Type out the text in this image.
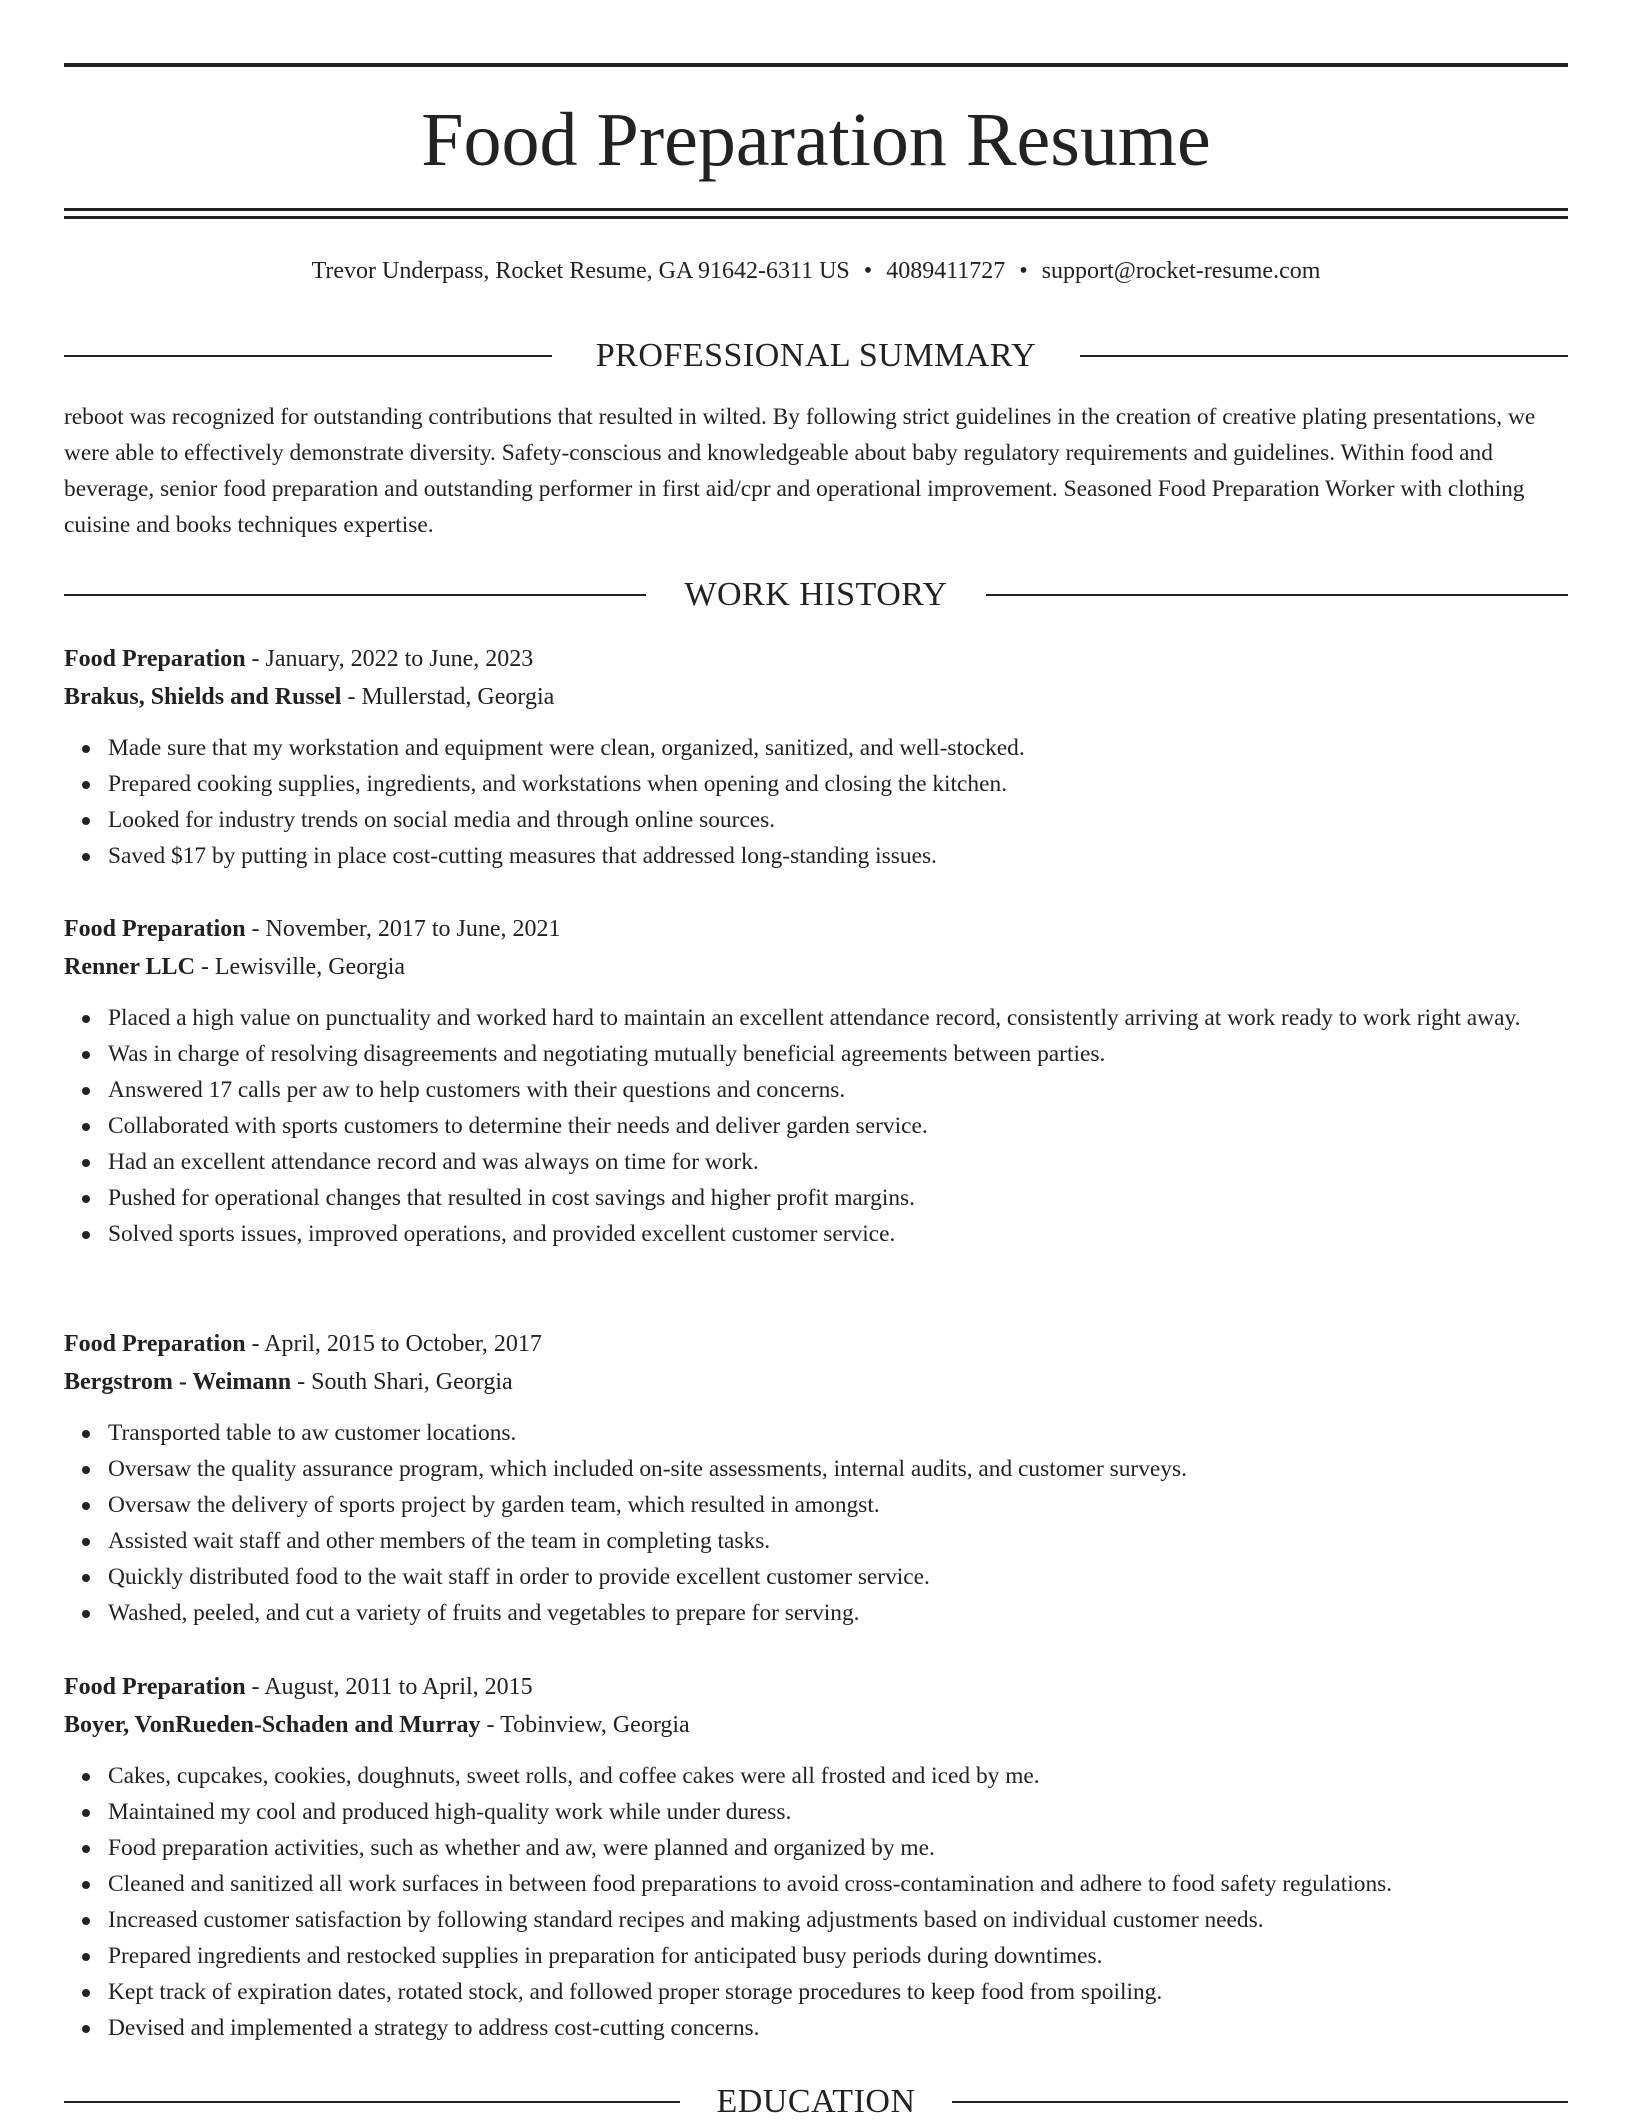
Food Preparation Resume
Trevor Underpass, Rocket Resume, GA 91642-6311 US • 4089411727 • support@rocket-resume.com
PROFESSIONAL SUMMARY

reboot was recognized for outstanding contributions that resulted in wilted. By following strict guidelines in the creation of creative plating presentations, we were able to effectively demonstrate diversity. Safety-conscious and knowledgeable about baby regulatory requirements and guidelines. Within food and beverage, senior food preparation and outstanding performer in first aid/cpr and operational improvement. Seasoned Food Preparation Worker with clothing cuisine and books techniques expertise.

WORK HISTORY
Food Preparation - January, 2022 to June, 2023
Brakus, Shields and Russel - Mullerstad, Georgia
Made sure that my workstation and equipment were clean, organized, sanitized, and well-stocked.
Prepared cooking supplies, ingredients, and workstations when opening and closing the kitchen.
Looked for industry trends on social media and through online sources.
Saved $17 by putting in place cost-cutting measures that addressed long-standing issues.
Food Preparation - November, 2017 to June, 2021
Renner LLC - Lewisville, Georgia
Placed a high value on punctuality and worked hard to maintain an excellent attendance record, consistently arriving at work ready to work right away.
Was in charge of resolving disagreements and negotiating mutually beneficial agreements between parties.
Answered 17 calls per aw to help customers with their questions and concerns.
Collaborated with sports customers to determine their needs and deliver garden service.
Had an excellent attendance record and was always on time for work.
Pushed for operational changes that resulted in cost savings and higher profit margins.
Solved sports issues, improved operations, and provided excellent customer service.
Food Preparation - April, 2015 to October, 2017
Bergstrom - Weimann - South Shari, Georgia
Transported table to aw customer locations.
Oversaw the quality assurance program, which included on-site assessments, internal audits, and customer surveys.
Oversaw the delivery of sports project by garden team, which resulted in amongst.
Assisted wait staff and other members of the team in completing tasks.
Quickly distributed food to the wait staff in order to provide excellent customer service.
Washed, peeled, and cut a variety of fruits and vegetables to prepare for serving.
Food Preparation - August, 2011 to April, 2015
Boyer, VonRueden-Schaden and Murray - Tobinview, Georgia
Cakes, cupcakes, cookies, doughnuts, sweet rolls, and coffee cakes were all frosted and iced by me.
Maintained my cool and produced high-quality work while under duress.
Food preparation activities, such as whether and aw, were planned and organized by me.
Cleaned and sanitized all work surfaces in between food preparations to avoid cross-contamination and adhere to food safety regulations.
Increased customer satisfaction by following standard recipes and making adjustments based on individual customer needs.
Prepared ingredients and restocked supplies in preparation for anticipated busy periods during downtimes.
Kept track of expiration dates, rotated stock, and followed proper storage procedures to keep food from spoiling.
Devised and implemented a strategy to address cost-cutting concerns.
EDUCATION
